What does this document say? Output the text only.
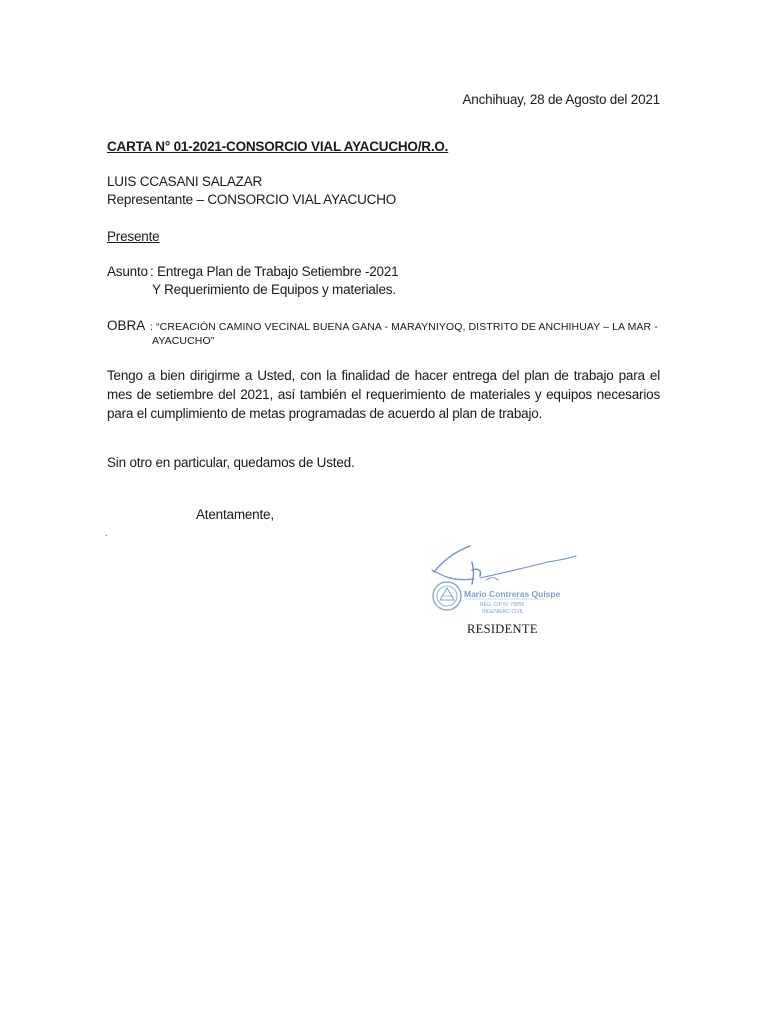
Anchihuay, 28 de Agosto del 2021
CARTA N° 01-2021-CONSORCIO VIAL AYACUCHO/R.O.
LUIS CCASANI SALAZAR
Representante – CONSORCIO VIAL AYACUCHO
Presente
Asunto : Entrega Plan de Trabajo Setiembre -2021
Y Requerimiento de Equipos y materiales.
OBRA : “CREACIÓN CAMINO VECINAL BUENA GANA - MARAYNIYOQ, DISTRITO DE ANCHIHUAY – LA MAR -
AYACUCHO”
Tengo a bien dirigirme a Usted, con la finalidad de hacer entrega del plan de trabajo para el mes de setiembre del 2021, así también el requerimiento de materiales y equipos necesarios para el cumplimiento de metas programadas de acuerdo al plan de trabajo.
Sin otro en particular, quedamos de Usted.
Atentamente,
.
Mario Contreras Quispe
REG. CIP Nº 79058
INGENIERO CIVIL
RESIDENTE
